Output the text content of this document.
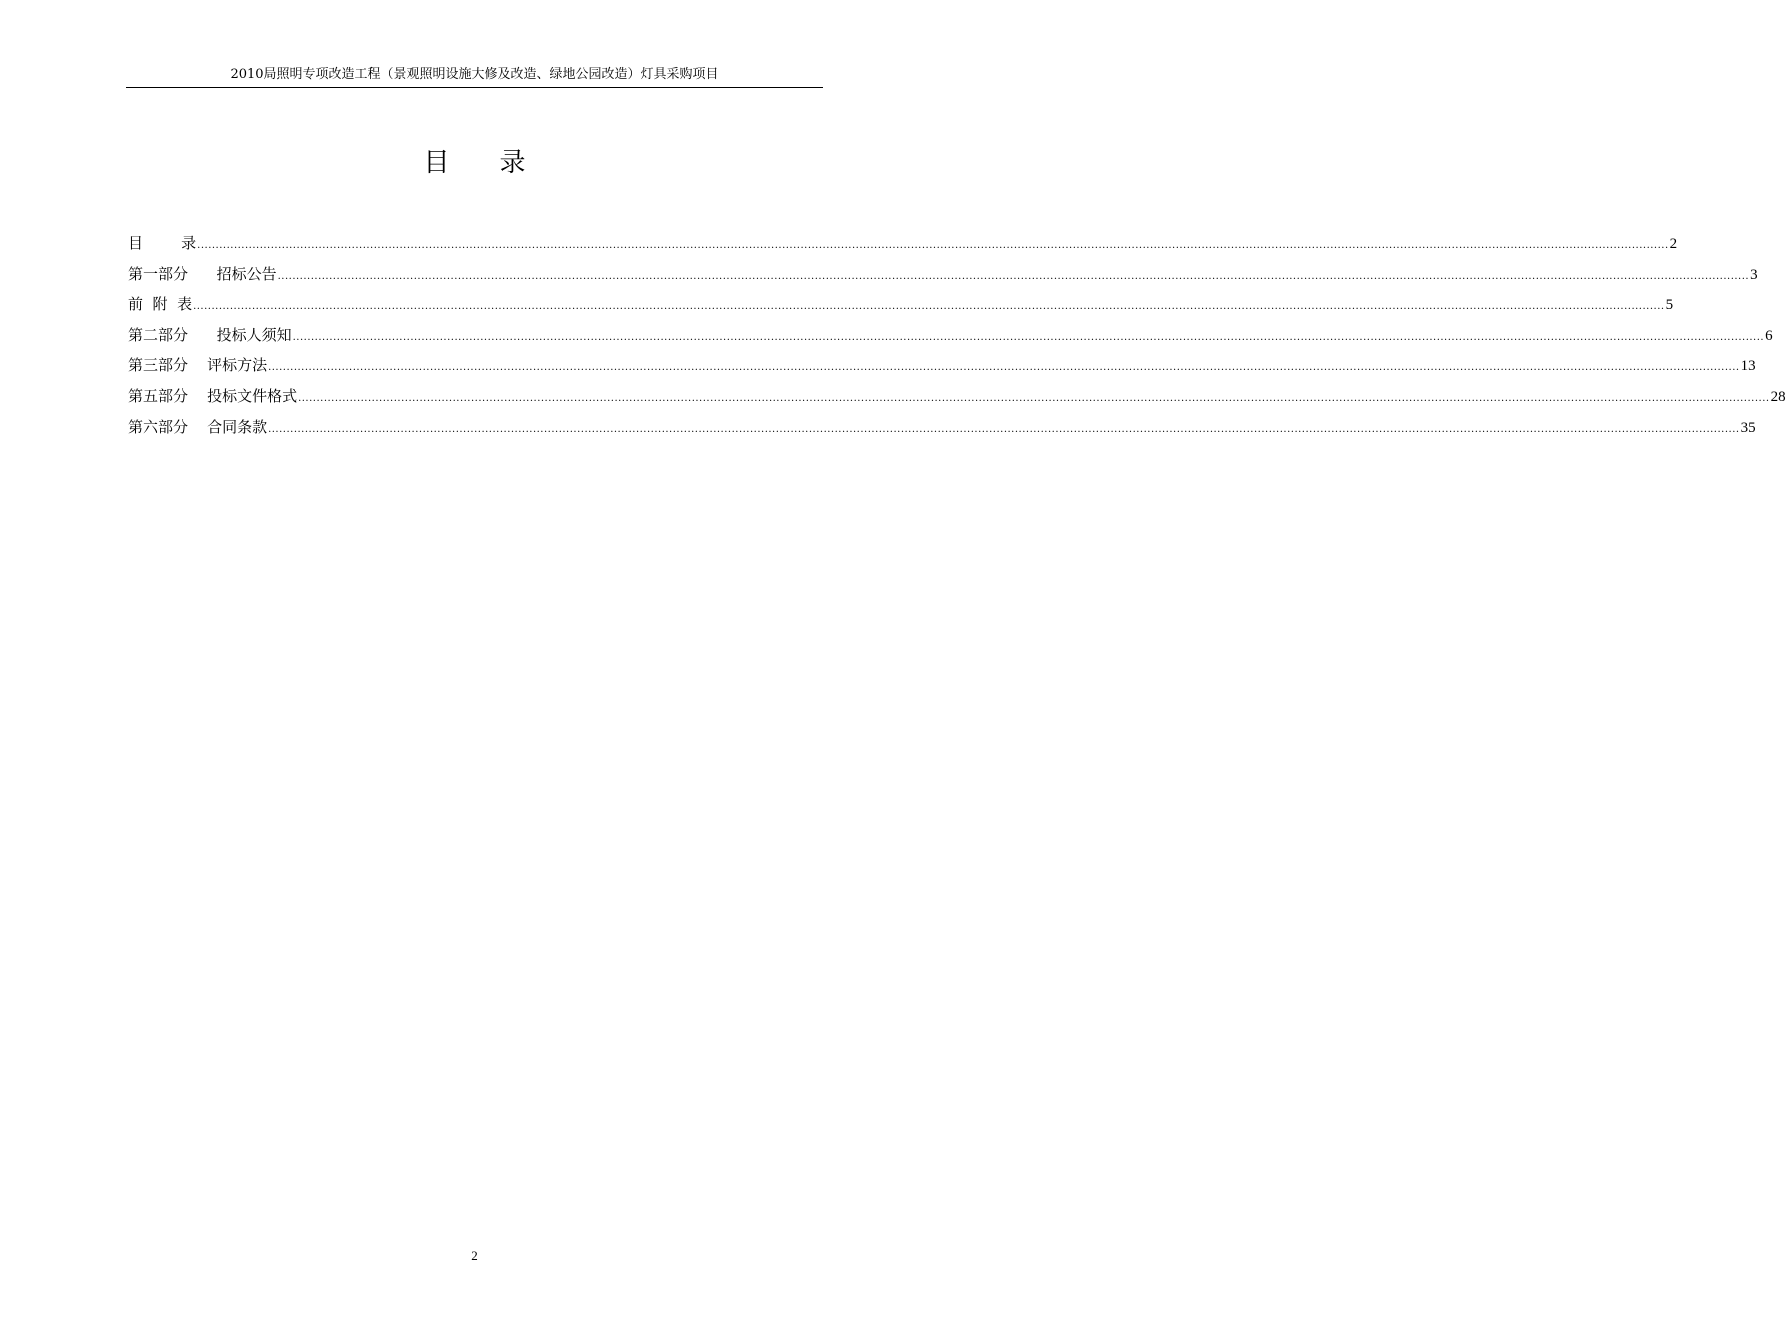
2010局照明专项改造工程（景观照明设施大修及改造、绿地公园改造）灯具采购项目
目录
目        录 ................................................................................................................................................................................................................................................................................................................................................................................................................ 2
第一部分      招标公告 ................................................................................................................................................................................................................................................................................................................................................................................................................ 3
前  附  表 ................................................................................................................................................................................................................................................................................................................................................................................................................ 5
第二部分      投标人须知 ................................................................................................................................................................................................................................................................................................................................................................................................................ 6
第三部分    评标方法 ................................................................................................................................................................................................................................................................................................................................................................................................................ 13
第五部分    投标文件格式 ................................................................................................................................................................................................................................................................................................................................................................................................................ 28
第六部分    合同条款 ................................................................................................................................................................................................................................................................................................................................................................................................................ 35
2
